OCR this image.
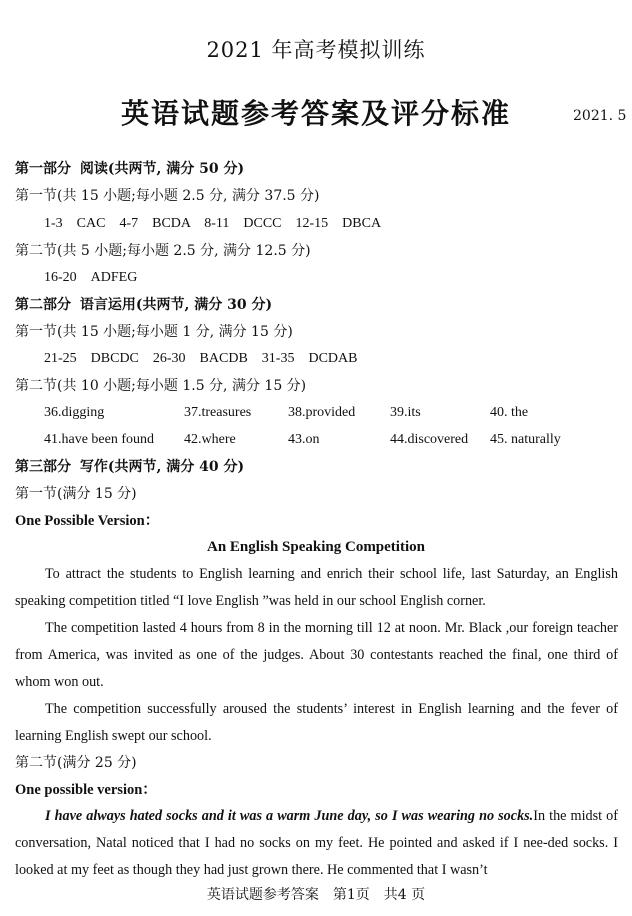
2021 年高考模拟训练
英语试题参考答案及评分标准	2021. 5
第一部分 阅读(共两节, 满分 50 分)
第一节(共 15 小题;每小题 2.5 分, 满分 37.5 分)
1-3　CAC　4-7　BCDA　8-11　DCCC　12-15　DBCA
第二节(共 5 小题;每小题 2.5 分, 满分 12.5 分)
16-20　ADFEG
第二部分 语言运用(共两节, 满分 30 分)
第一节(共 15 小题;每小题 1 分, 满分 15 分)
21-25　DBCDC　26-30　BACDB　31-35　DCDAB
第二节(共 10 小题;每小题 1.5 分, 满分 15 分)
36.digging	37.treasures	38.provided 39.its	40. the
41.have been found 42.where	43.on	44.discovered 45. naturally
第三部分 写作(共两节, 满分 40 分)
第一节(满分 15 分)
One Possible Version：
An English Speaking Competition
To attract the students to English learning and enrich their school life, last Saturday, an English speaking competition titled “I love English ”was held in our school English corner.
The competition lasted 4 hours from 8 in the morning till 12 at noon. Mr. Black ,our foreign teacher from America, was invited as one of the judges. About 30 contestants reached the final, one third of whom won out.
The competition successfully aroused the students’ interest in English learning and the fever of learning English swept our school.
第二节(满分 25 分)
One possible version：
I have always hated socks and it was a warm June day, so I was wearing no socks.In the midst of conversation, Natal noticed that I had no socks on my feet. He pointed and asked if I nee-ded socks. I looked at my feet as though they had just grown there. He commented that I wasn’t
英语试题参考答案　第1页　共4 页
